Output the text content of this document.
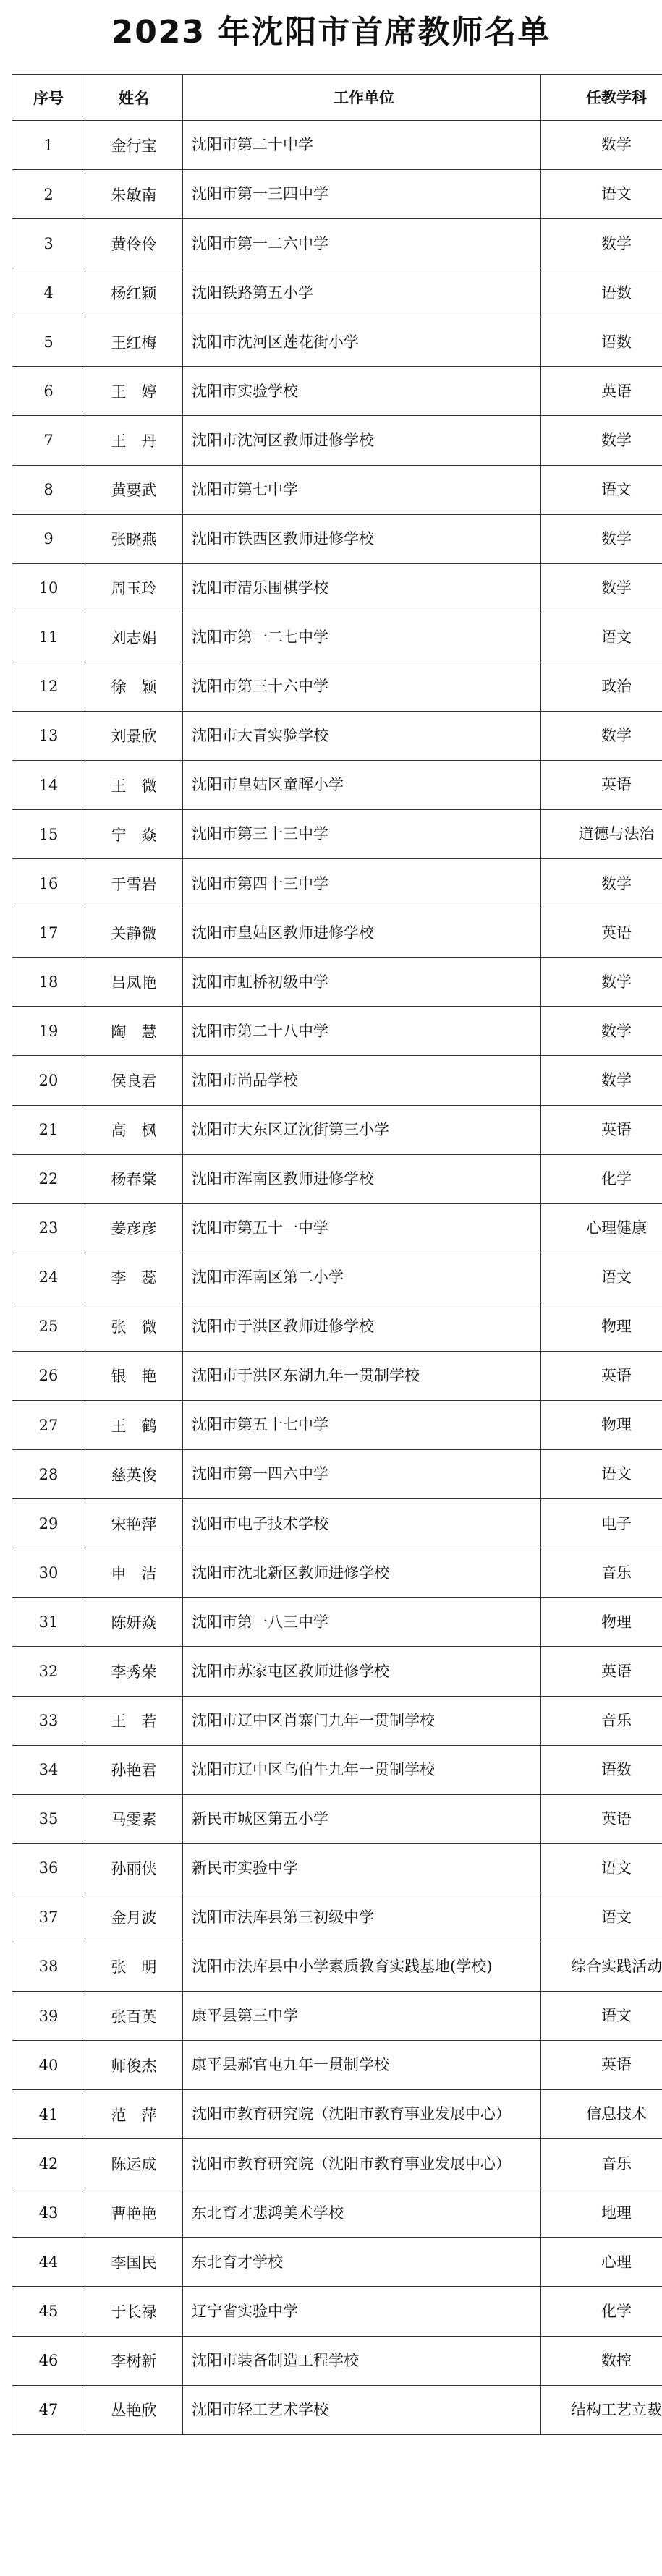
2023 年沈阳市首席教师名单
序号	姓名	工作单位	任教学科
1	金行宝	沈阳市第二十中学	数学
2	朱敏南	沈阳市第一三四中学	语文
3	黄伶伶	沈阳市第一二六中学	数学
4	杨红颖	沈阳铁路第五小学	语数
5	王红梅	沈阳市沈河区莲花街小学	语数
6	王　婷	沈阳市实验学校	英语
7	王　丹	沈阳市沈河区教师进修学校	数学
8	黄要武	沈阳市第七中学	语文
9	张晓燕	沈阳市铁西区教师进修学校	数学
10	周玉玲	沈阳市清乐围棋学校	数学
11	刘志娟	沈阳市第一二七中学	语文
12	徐　颖	沈阳市第三十六中学	政治
13	刘景欣	沈阳市大青实验学校	数学
14	王　微	沈阳市皇姑区童晖小学	英语
15	宁　焱	沈阳市第三十三中学	道德与法治
16	于雪岩	沈阳市第四十三中学	数学
17	关静微	沈阳市皇姑区教师进修学校	英语
18	吕凤艳	沈阳市虹桥初级中学	数学
19	陶　慧	沈阳市第二十八中学	数学
20	侯良君	沈阳市尚品学校	数学
21	高　枫	沈阳市大东区辽沈街第三小学	英语
22	杨春棠	沈阳市浑南区教师进修学校	化学
23	姜彦彦	沈阳市第五十一中学	心理健康
24	李　蕊	沈阳市浑南区第二小学	语文
25	张　微	沈阳市于洪区教师进修学校	物理
26	银　艳	沈阳市于洪区东湖九年一贯制学校	英语
27	王　鹤	沈阳市第五十七中学	物理
28	慈英俊	沈阳市第一四六中学	语文
29	宋艳萍	沈阳市电子技术学校	电子
30	申　洁	沈阳市沈北新区教师进修学校	音乐
31	陈妍焱	沈阳市第一八三中学	物理
32	李秀荣	沈阳市苏家屯区教师进修学校	英语
33	王　若	沈阳市辽中区肖寨门九年一贯制学校	音乐
34	孙艳君	沈阳市辽中区乌伯牛九年一贯制学校	语数
35	马雯素	新民市城区第五小学	英语
36	孙丽侠	新民市实验中学	语文
37	金月波	沈阳市法库县第三初级中学	语文
38	张　明	沈阳市法库县中小学素质教育实践基地(学校)	综合实践活动
39	张百英	康平县第三中学	语文
40	师俊杰	康平县郝官屯九年一贯制学校	英语
41	范　萍	沈阳市教育研究院（沈阳市教育事业发展中心）	信息技术
42	陈运成	沈阳市教育研究院（沈阳市教育事业发展中心）	音乐
43	曹艳艳	东北育才悲鸿美术学校	地理
44	李国民	东北育才学校	心理
45	于长禄	辽宁省实验中学	化学
46	李树新	沈阳市装备制造工程学校	数控
47	丛艳欣	沈阳市轻工艺术学校	结构工艺立裁
